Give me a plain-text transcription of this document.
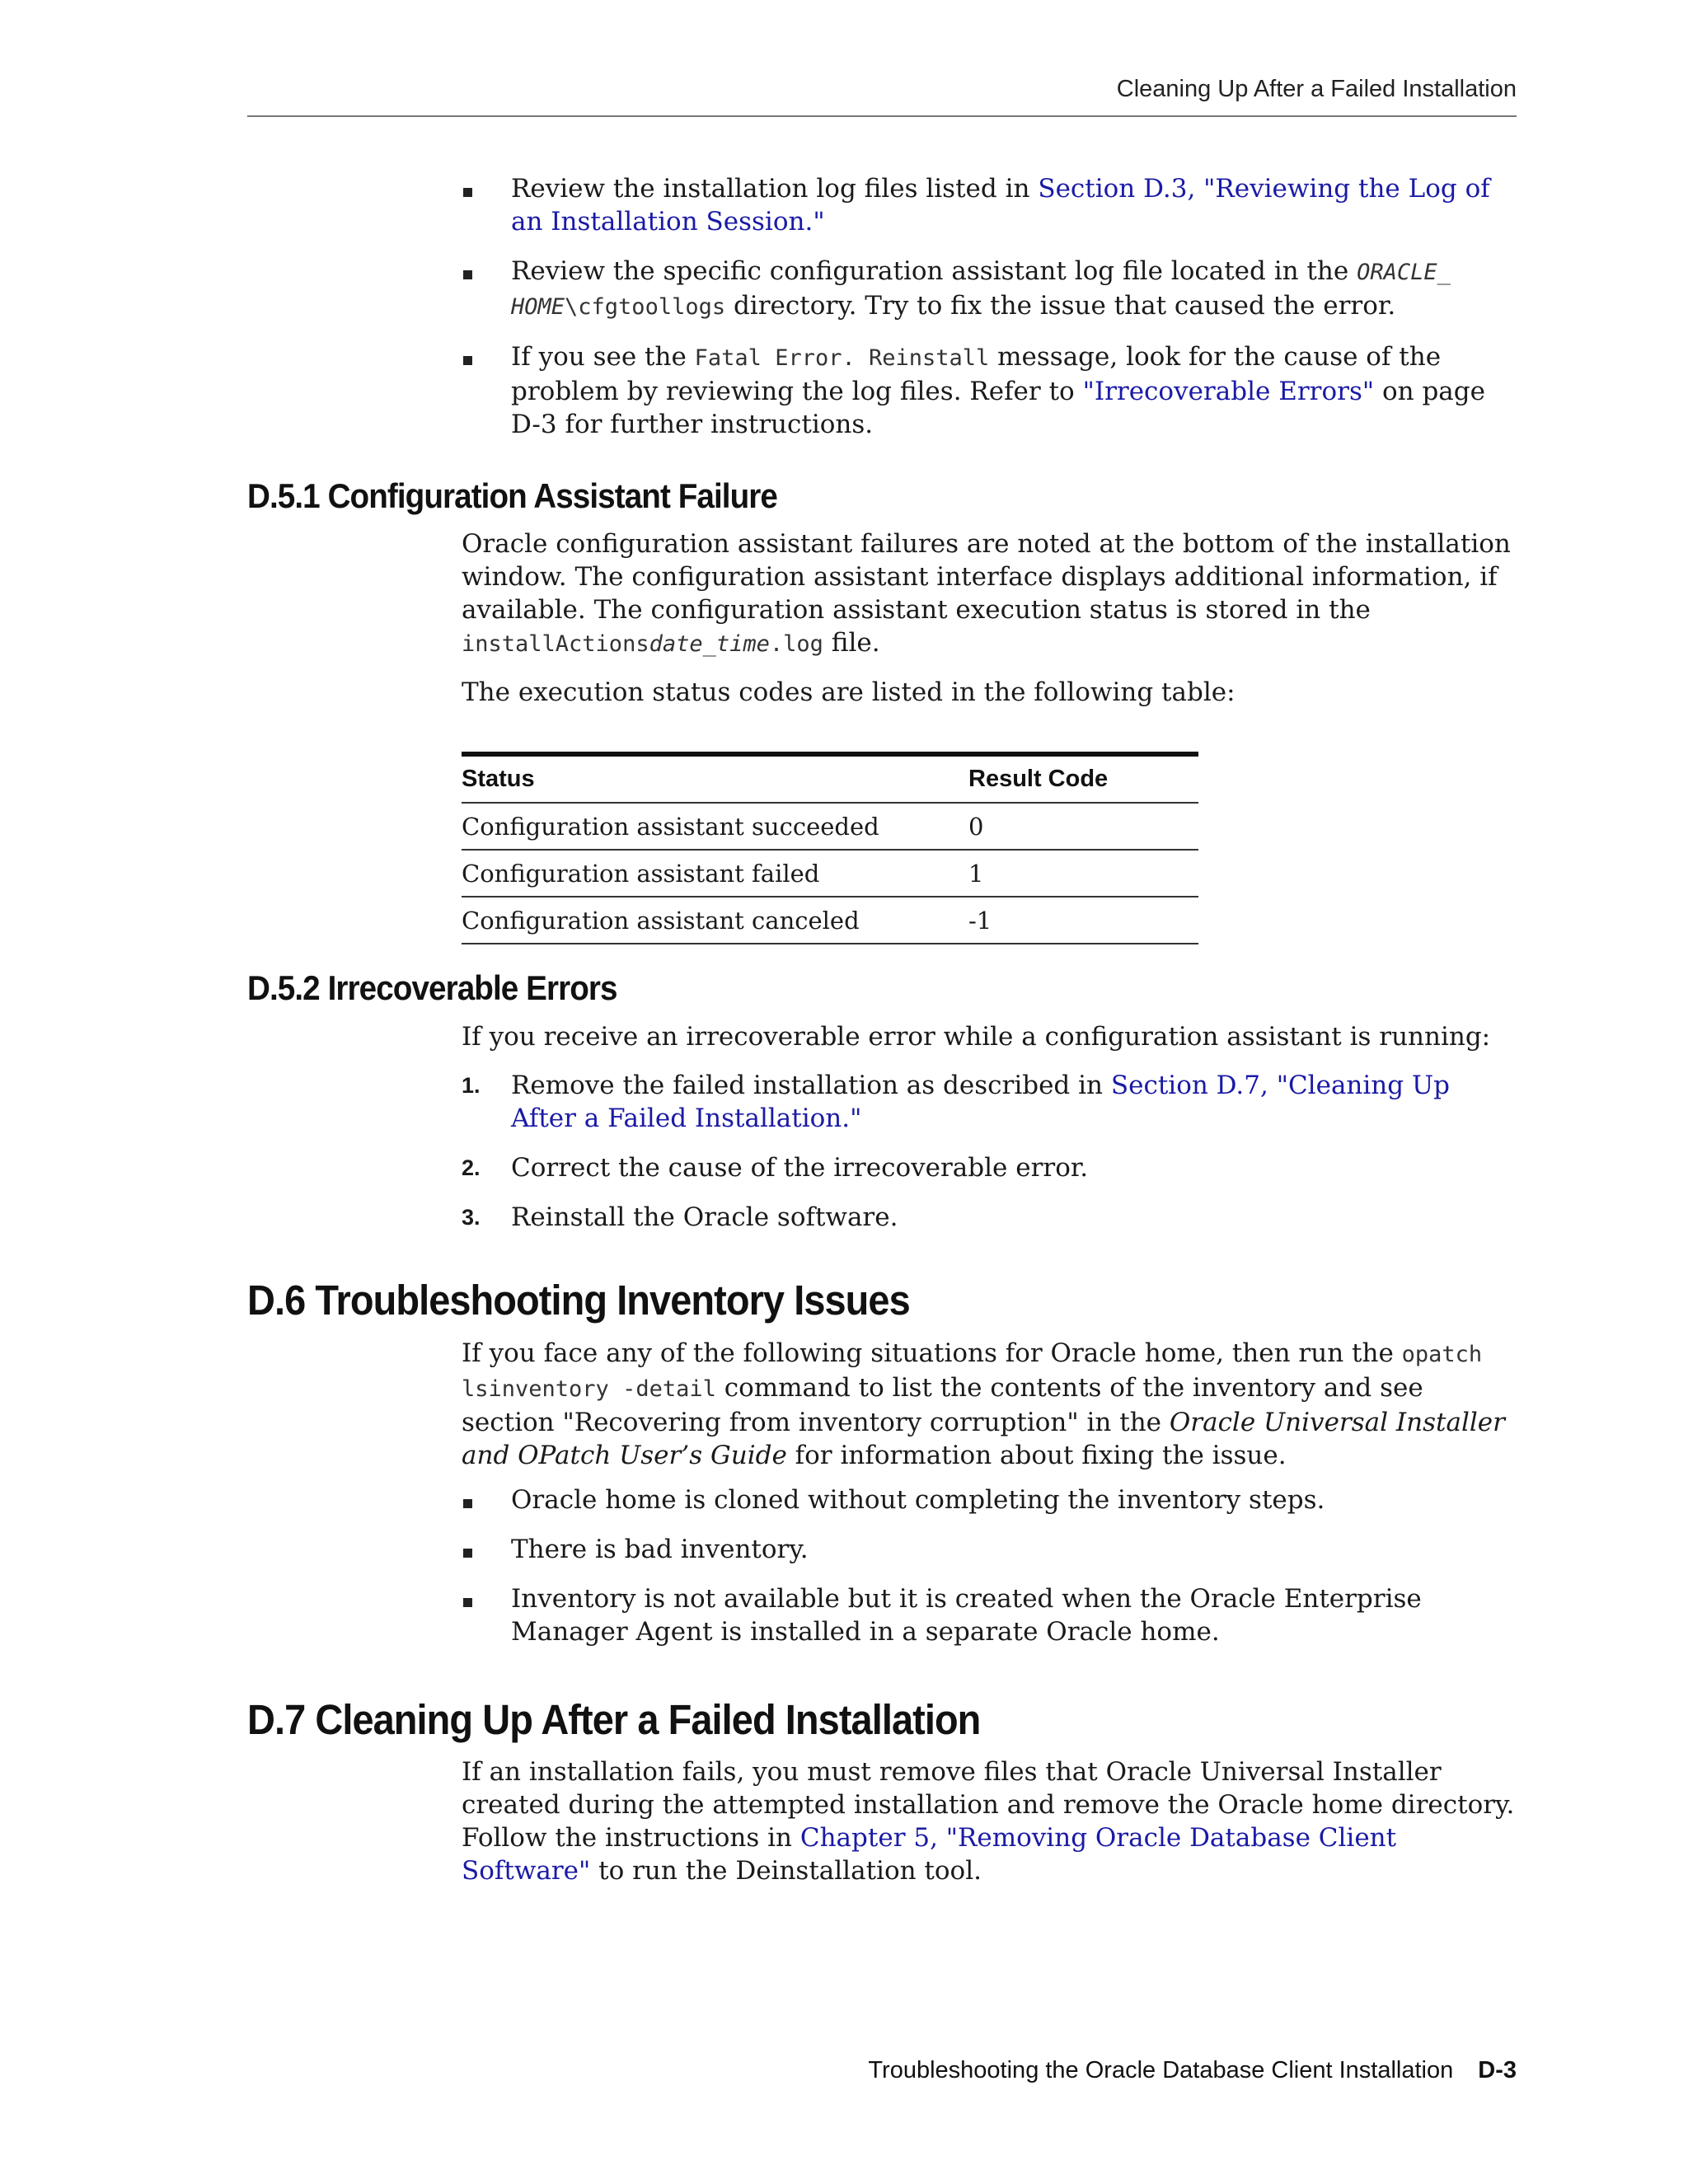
Cleaning Up After a Failed Installation
Review the installation log files listed in Section D.3, "Reviewing the Log of an Installation Session."
Review the specific configuration assistant log file located in the ORACLE_ HOME\cfgtoollogs directory. Try to fix the issue that caused the error.
If you see the Fatal Error. Reinstall message, look for the cause of the problem by reviewing the log files. Refer to "Irrecoverable Errors" on page D-3 for further instructions.
D.5.1 Configuration Assistant Failure

Oracle configuration assistant failures are noted at the bottom of the installation window. The configuration assistant interface displays additional information, if available. The configuration assistant execution status is stored in the installActionsdate_time.log file.

The execution status codes are listed in the following table:

Status	Result Code
Configuration assistant succeeded	0
Configuration assistant failed	1
Configuration assistant canceled	-1
D.5.2 Irrecoverable Errors
If you receive an irrecoverable error while a configuration assistant is running:
1.	Remove the failed installation as described in Section D.7, "Cleaning Up After a Failed Installation."
2.	Correct the cause of the irrecoverable error.
3.	Reinstall the Oracle software.
D.6 Troubleshooting Inventory Issues

If you face any of the following situations for Oracle home, then run the opatch lsinventory -detail command to list the contents of the inventory and see section "Recovering from inventory corruption" in the Oracle Universal Installer and OPatch User’s Guide for information about fixing the issue.

Oracle home is cloned without completing the inventory steps.
There is bad inventory.
Inventory is not available but it is created when the Oracle Enterprise Manager Agent is installed in a separate Oracle home.
D.7 Cleaning Up After a Failed Installation

If an installation fails, you must remove files that Oracle Universal Installer created during the attempted installation and remove the Oracle home directory. Follow the instructions in Chapter 5, "Removing Oracle Database Client Software" to run the Deinstallation tool.

Troubleshooting the Oracle Database Client Installation D-3
